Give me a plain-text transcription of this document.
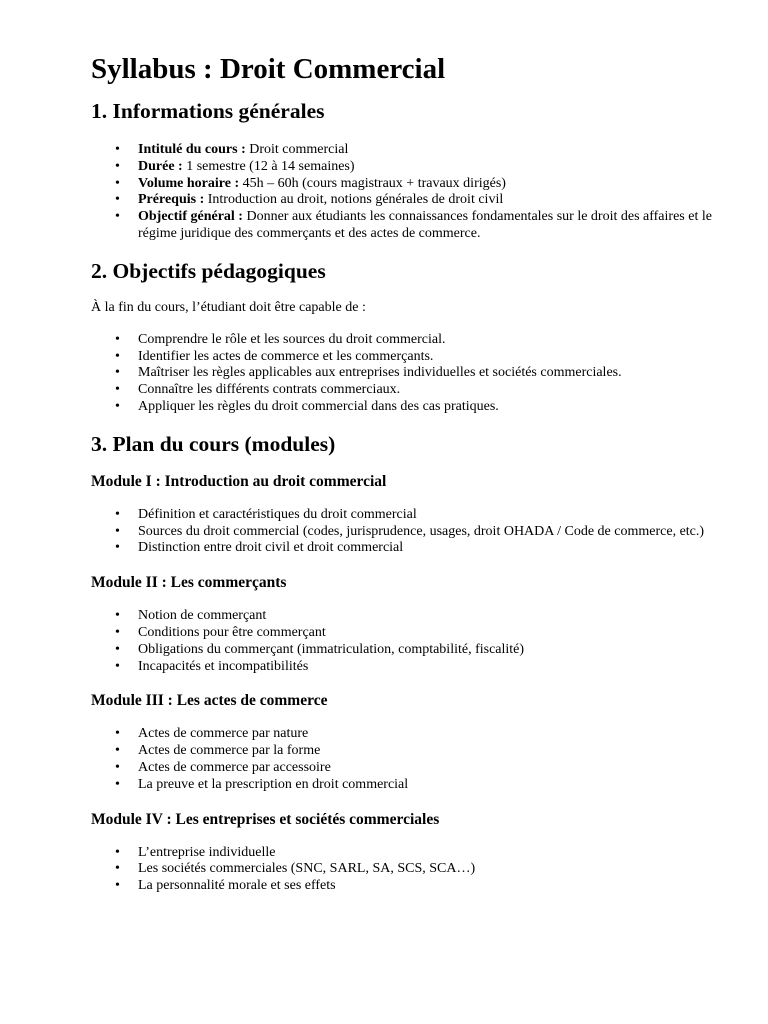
Syllabus : Droit Commercial
1. Informations générales
• Intitulé du cours : Droit commercial
• Durée : 1 semestre (12 à 14 semaines)
• Volume horaire : 45h – 60h (cours magistraux + travaux dirigés)
• Prérequis : Introduction au droit, notions générales de droit civil
• Objectif général : Donner aux étudiants les connaissances fondamentales sur le droit des affaires et le régime juridique des commerçants et des actes de commerce.
2. Objectifs pédagogiques

À la fin du cours, l’étudiant doit être capable de :

• Comprendre le rôle et les sources du droit commercial.
• Identifier les actes de commerce et les commerçants.
• Maîtriser les règles applicables aux entreprises individuelles et sociétés commerciales.
• Connaître les différents contrats commerciaux.
• Appliquer les règles du droit commercial dans des cas pratiques.
3. Plan du cours (modules)
Module I : Introduction au droit commercial
• Définition et caractéristiques du droit commercial
• Sources du droit commercial (codes, jurisprudence, usages, droit OHADA / Code de commerce, etc.)
• Distinction entre droit civil et droit commercial
Module II : Les commerçants
• Notion de commerçant
• Conditions pour être commerçant
• Obligations du commerçant (immatriculation, comptabilité, fiscalité)
• Incapacités et incompatibilités
Module III : Les actes de commerce
• Actes de commerce par nature
• Actes de commerce par la forme
• Actes de commerce par accessoire
• La preuve et la prescription en droit commercial
Module IV : Les entreprises et sociétés commerciales
• L’entreprise individuelle
• Les sociétés commerciales (SNC, SARL, SA, SCS, SCA…)
• La personnalité morale et ses effets
